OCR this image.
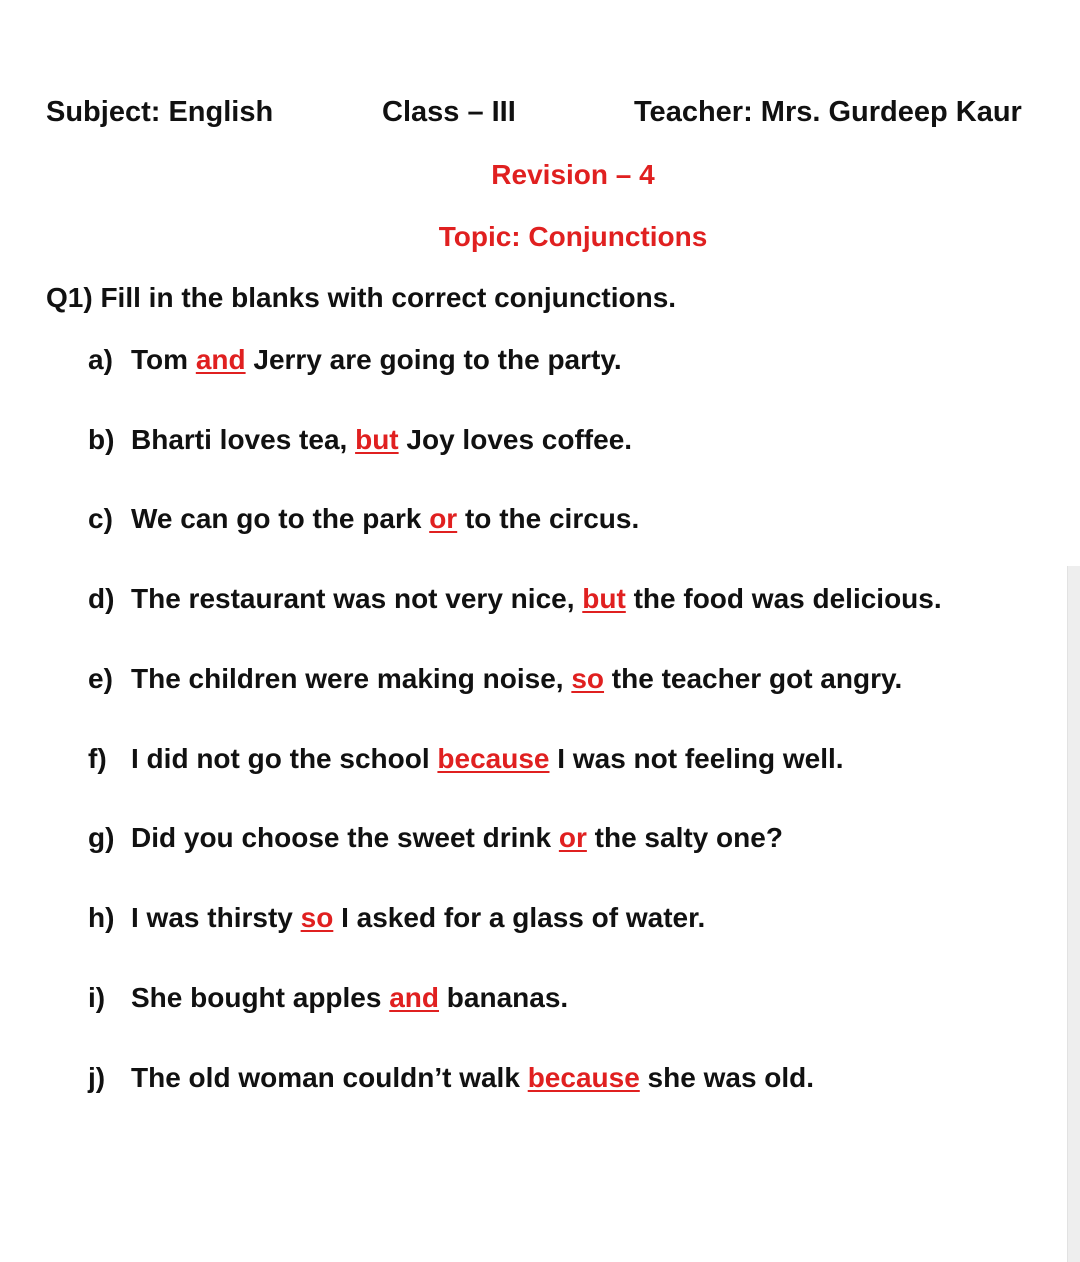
Subject: English	Class – III	Teacher: Mrs. Gurdeep Kaur
Revision – 4
Topic: Conjunctions
Q1) Fill in the blanks with correct conjunctions.
a) Tom and Jerry are going to the party.
b) Bharti loves tea, but Joy loves coffee.
c) We can go to the park or to the circus.
d) The restaurant was not very nice, but the food was delicious.
e) The children were making noise, so the teacher got angry.
f) I did not go the school because I was not feeling well.
g) Did you choose the sweet drink or the salty one?
h) I was thirsty so I asked for a glass of water.
i) She bought apples and bananas.
j) The old woman couldn’t walk because she was old.
